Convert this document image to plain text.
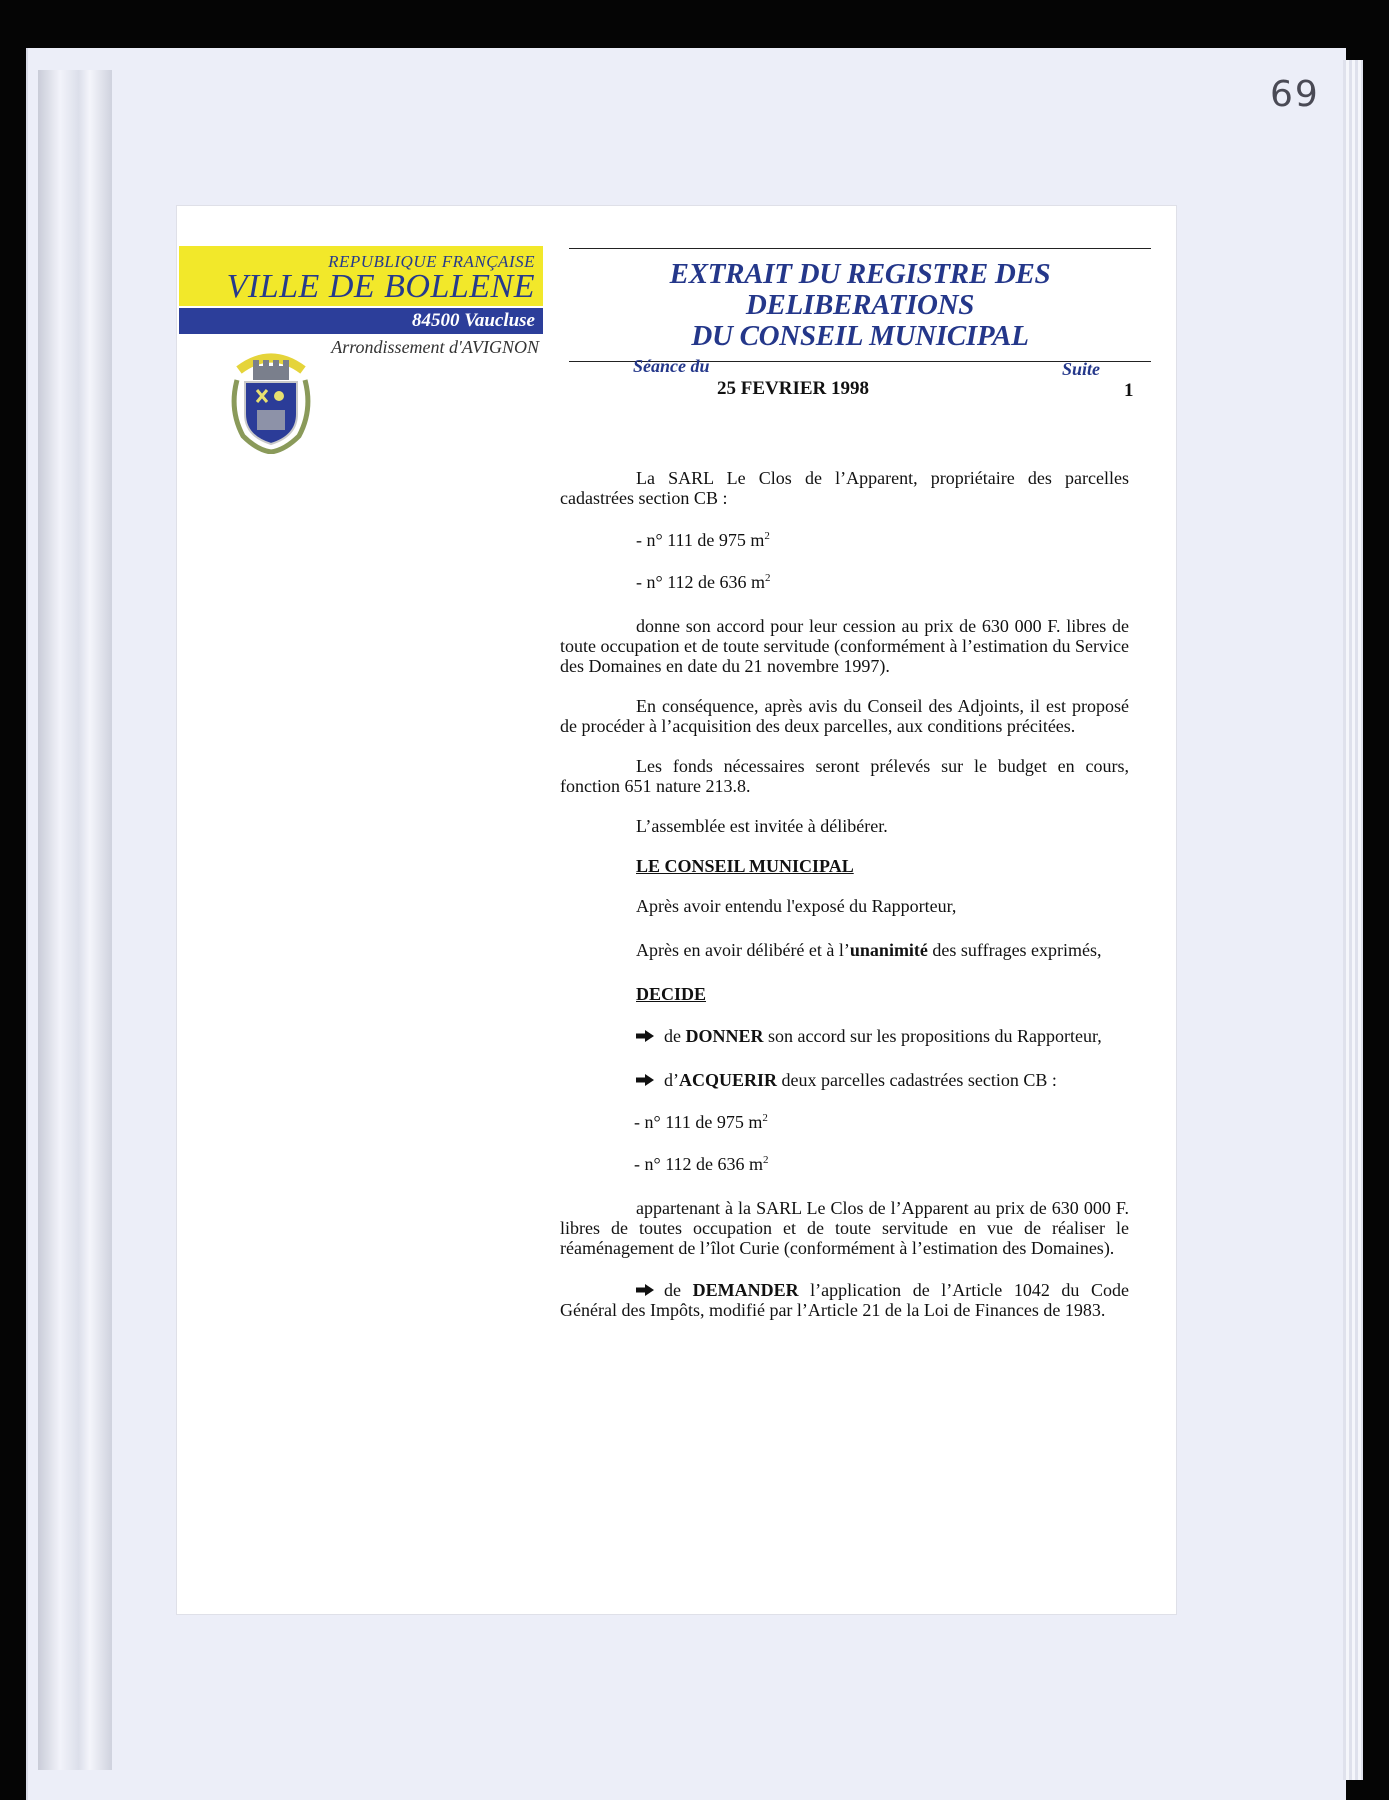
69
REPUBLIQUE FRANÇAISE
VILLE DE BOLLENE
84500 Vaucluse
Arrondissement d'AVIGNON
EXTRAIT DU REGISTRE DES DELIBERATIONS
DU CONSEIL MUNICIPAL
Séance du
25 FEVRIER 1998
Suite
1

La SARL Le Clos de l’Apparent, propriétaire des parcelles cadastrées section CB :

- n° 111 de 975 $m^2$

- n° 112 de 636 $m^2$

donne son accord pour leur cession au prix de 630 000 F. libres de toute occupation et de toute servitude (conformément à l’estimation du Service des Domaines en date du 21 novembre 1997).

En conséquence, après avis du Conseil des Adjoints, il est proposé de procéder à l’acquisition des deux parcelles, aux conditions précitées.

Les fonds nécessaires seront prélevés sur le budget en cours, fonction 651 nature 213.8.

L’assemblée est invitée à délibérer.

LE CONSEIL MUNICIPAL

Après avoir entendu l'exposé du Rapporteur,

Après en avoir délibéré et à l’unanimité des suffrages exprimés,

DECIDE

de DONNER son accord sur les propositions du Rapporteur,

d’ACQUERIR deux parcelles cadastrées section CB :

- n° 111 de 975 $m^2$

- n° 112 de 636 $m^2$

appartenant à la SARL Le Clos de l’Apparent au prix de 630 000 F. libres de toutes occupation et de toute servitude en vue de réaliser le réaménagement de l’îlot Curie (conformément à l’estimation des Domaines).

de DEMANDER l’application de l’Article 1042 du Code Général des Impôts, modifié par l’Article 21 de la Loi de Finances de 1983.
